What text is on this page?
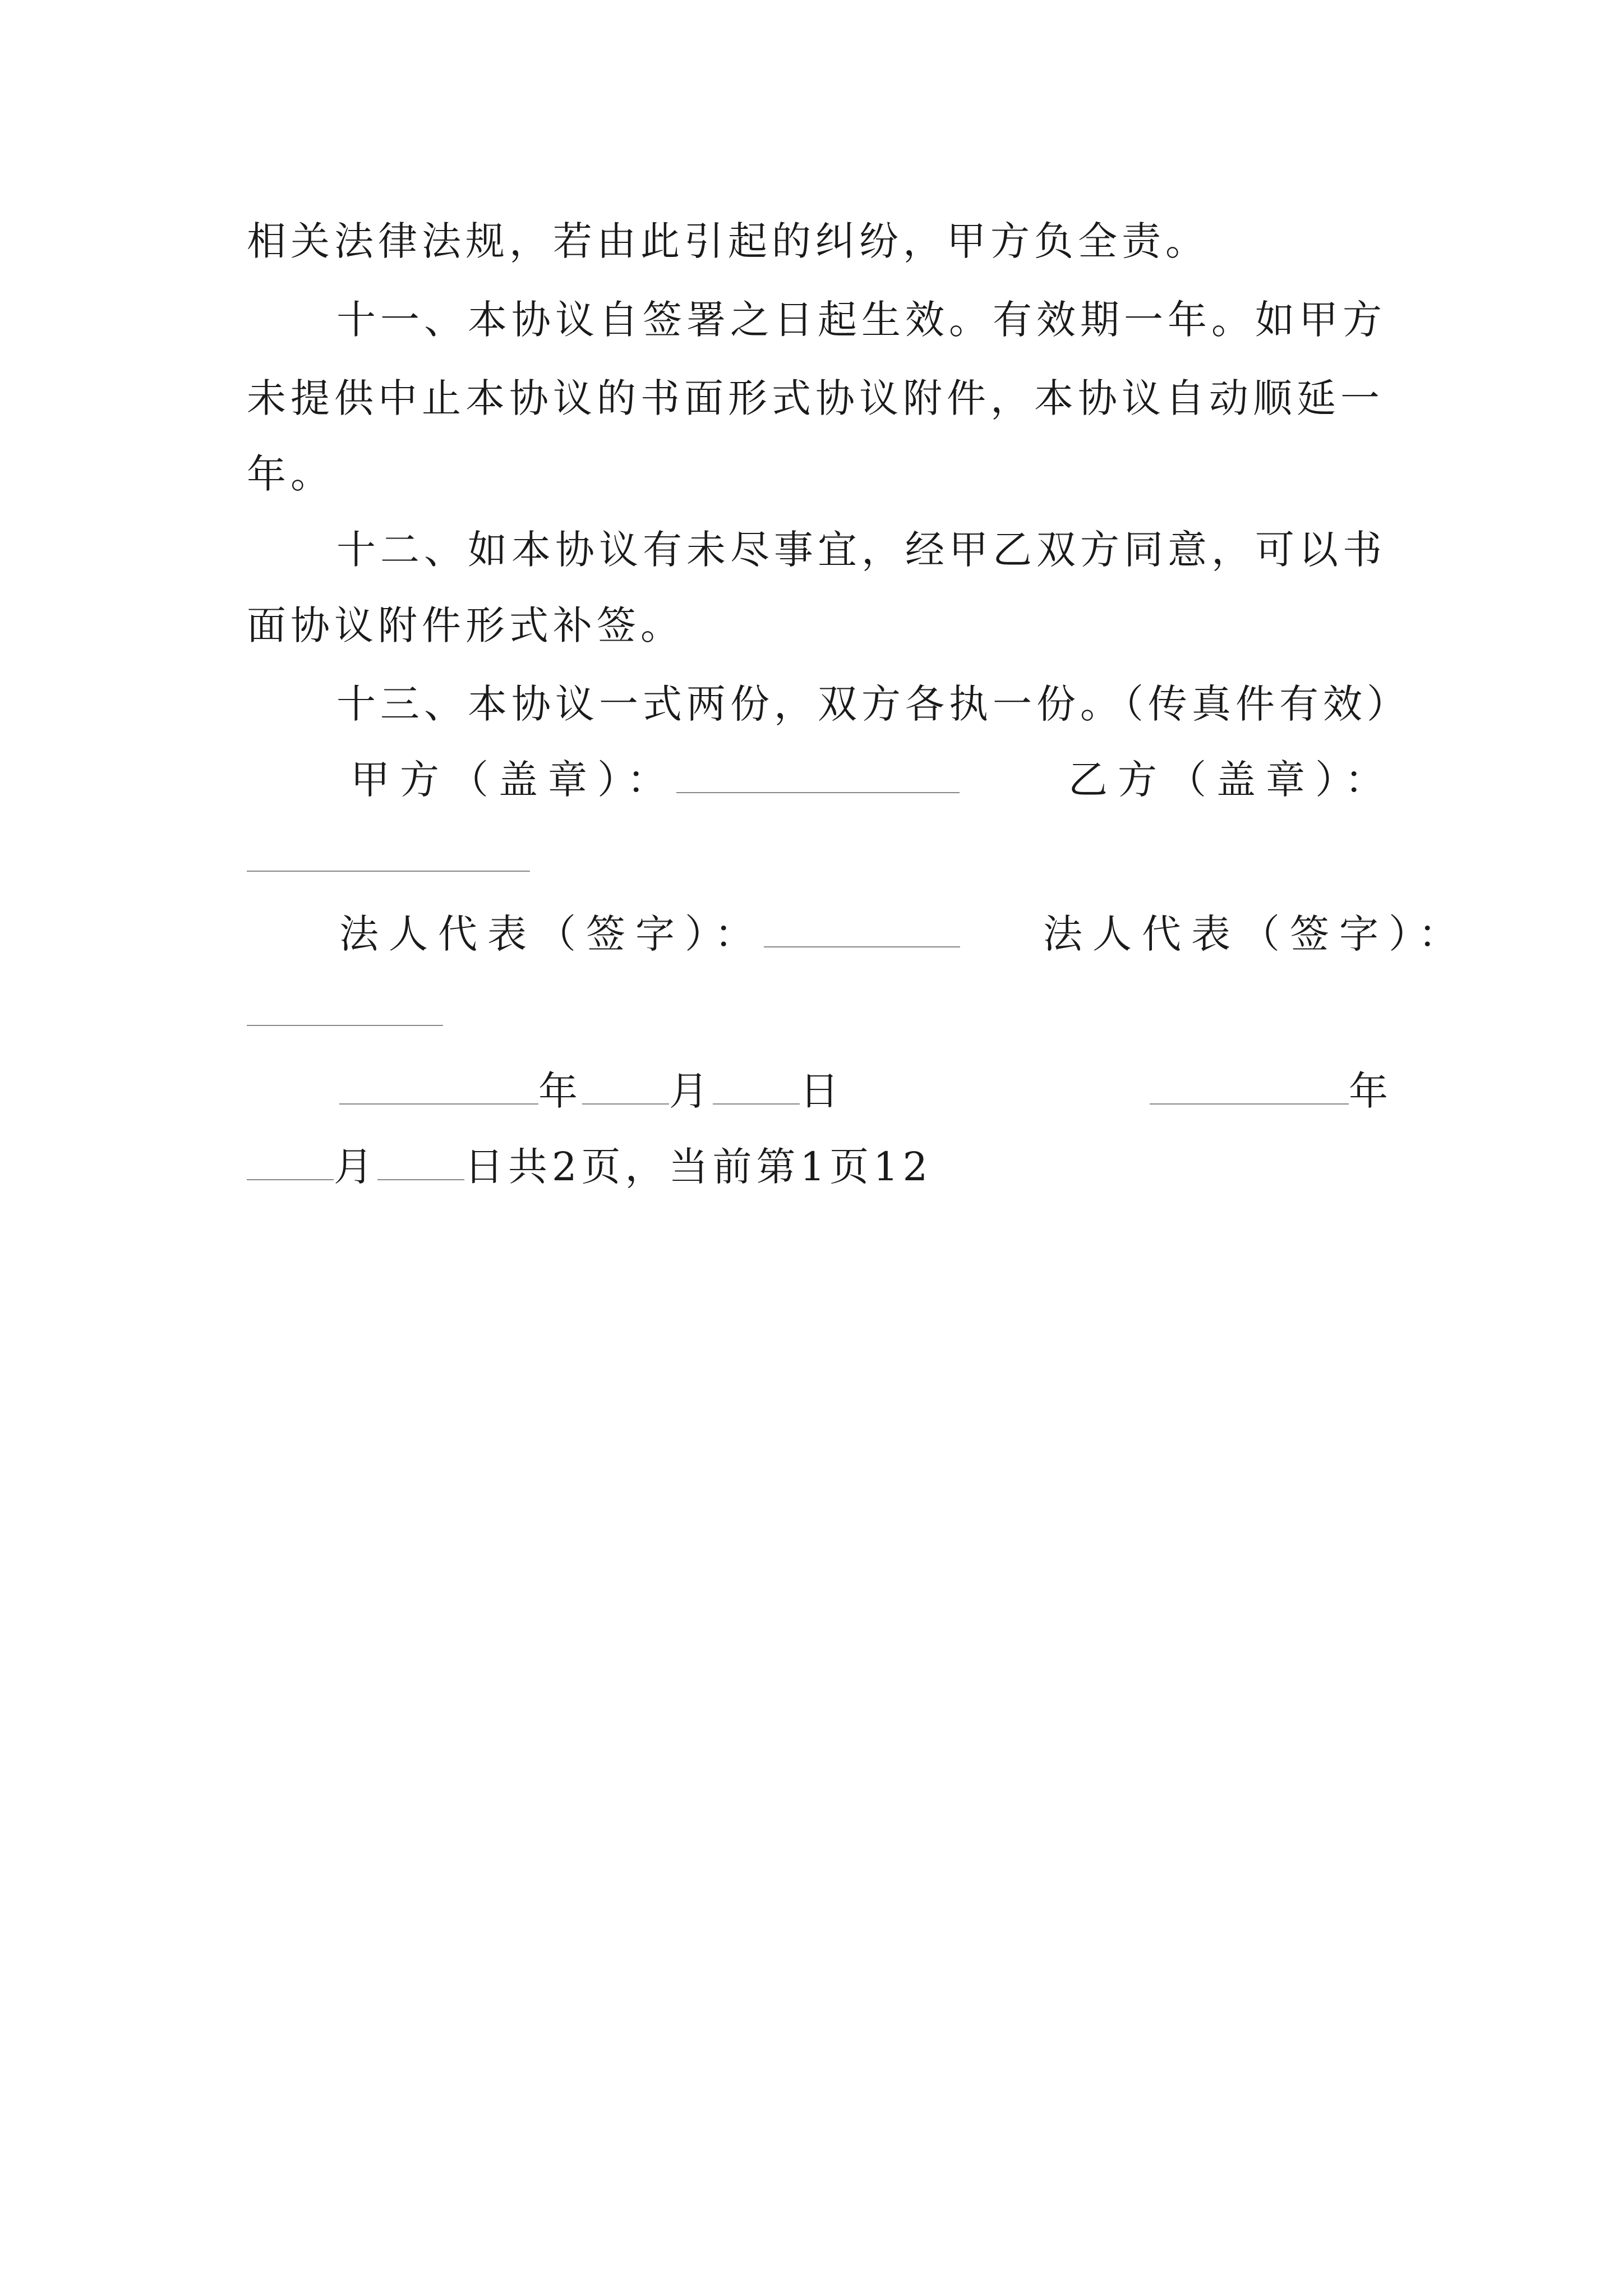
相关法律法规，若由此引起的纠纷，甲方负全责。
十一、本协议自签署之日起生效。有效期一年。如甲方
未提供中止本协议的书面形式协议附件，本协议自动顺延一
年。
十二、如本协议有未尽事宜，经甲乙双方同意，可以书
面协议附件形式补签。
十三、本协议一式两份，双方各执一份。（传真件有效）
甲方（盖章）：	乙方（盖章）：
法人代表（签字）：	法人代表（签字）：
年 月 日	年
月 日共2页，当前第1页12
